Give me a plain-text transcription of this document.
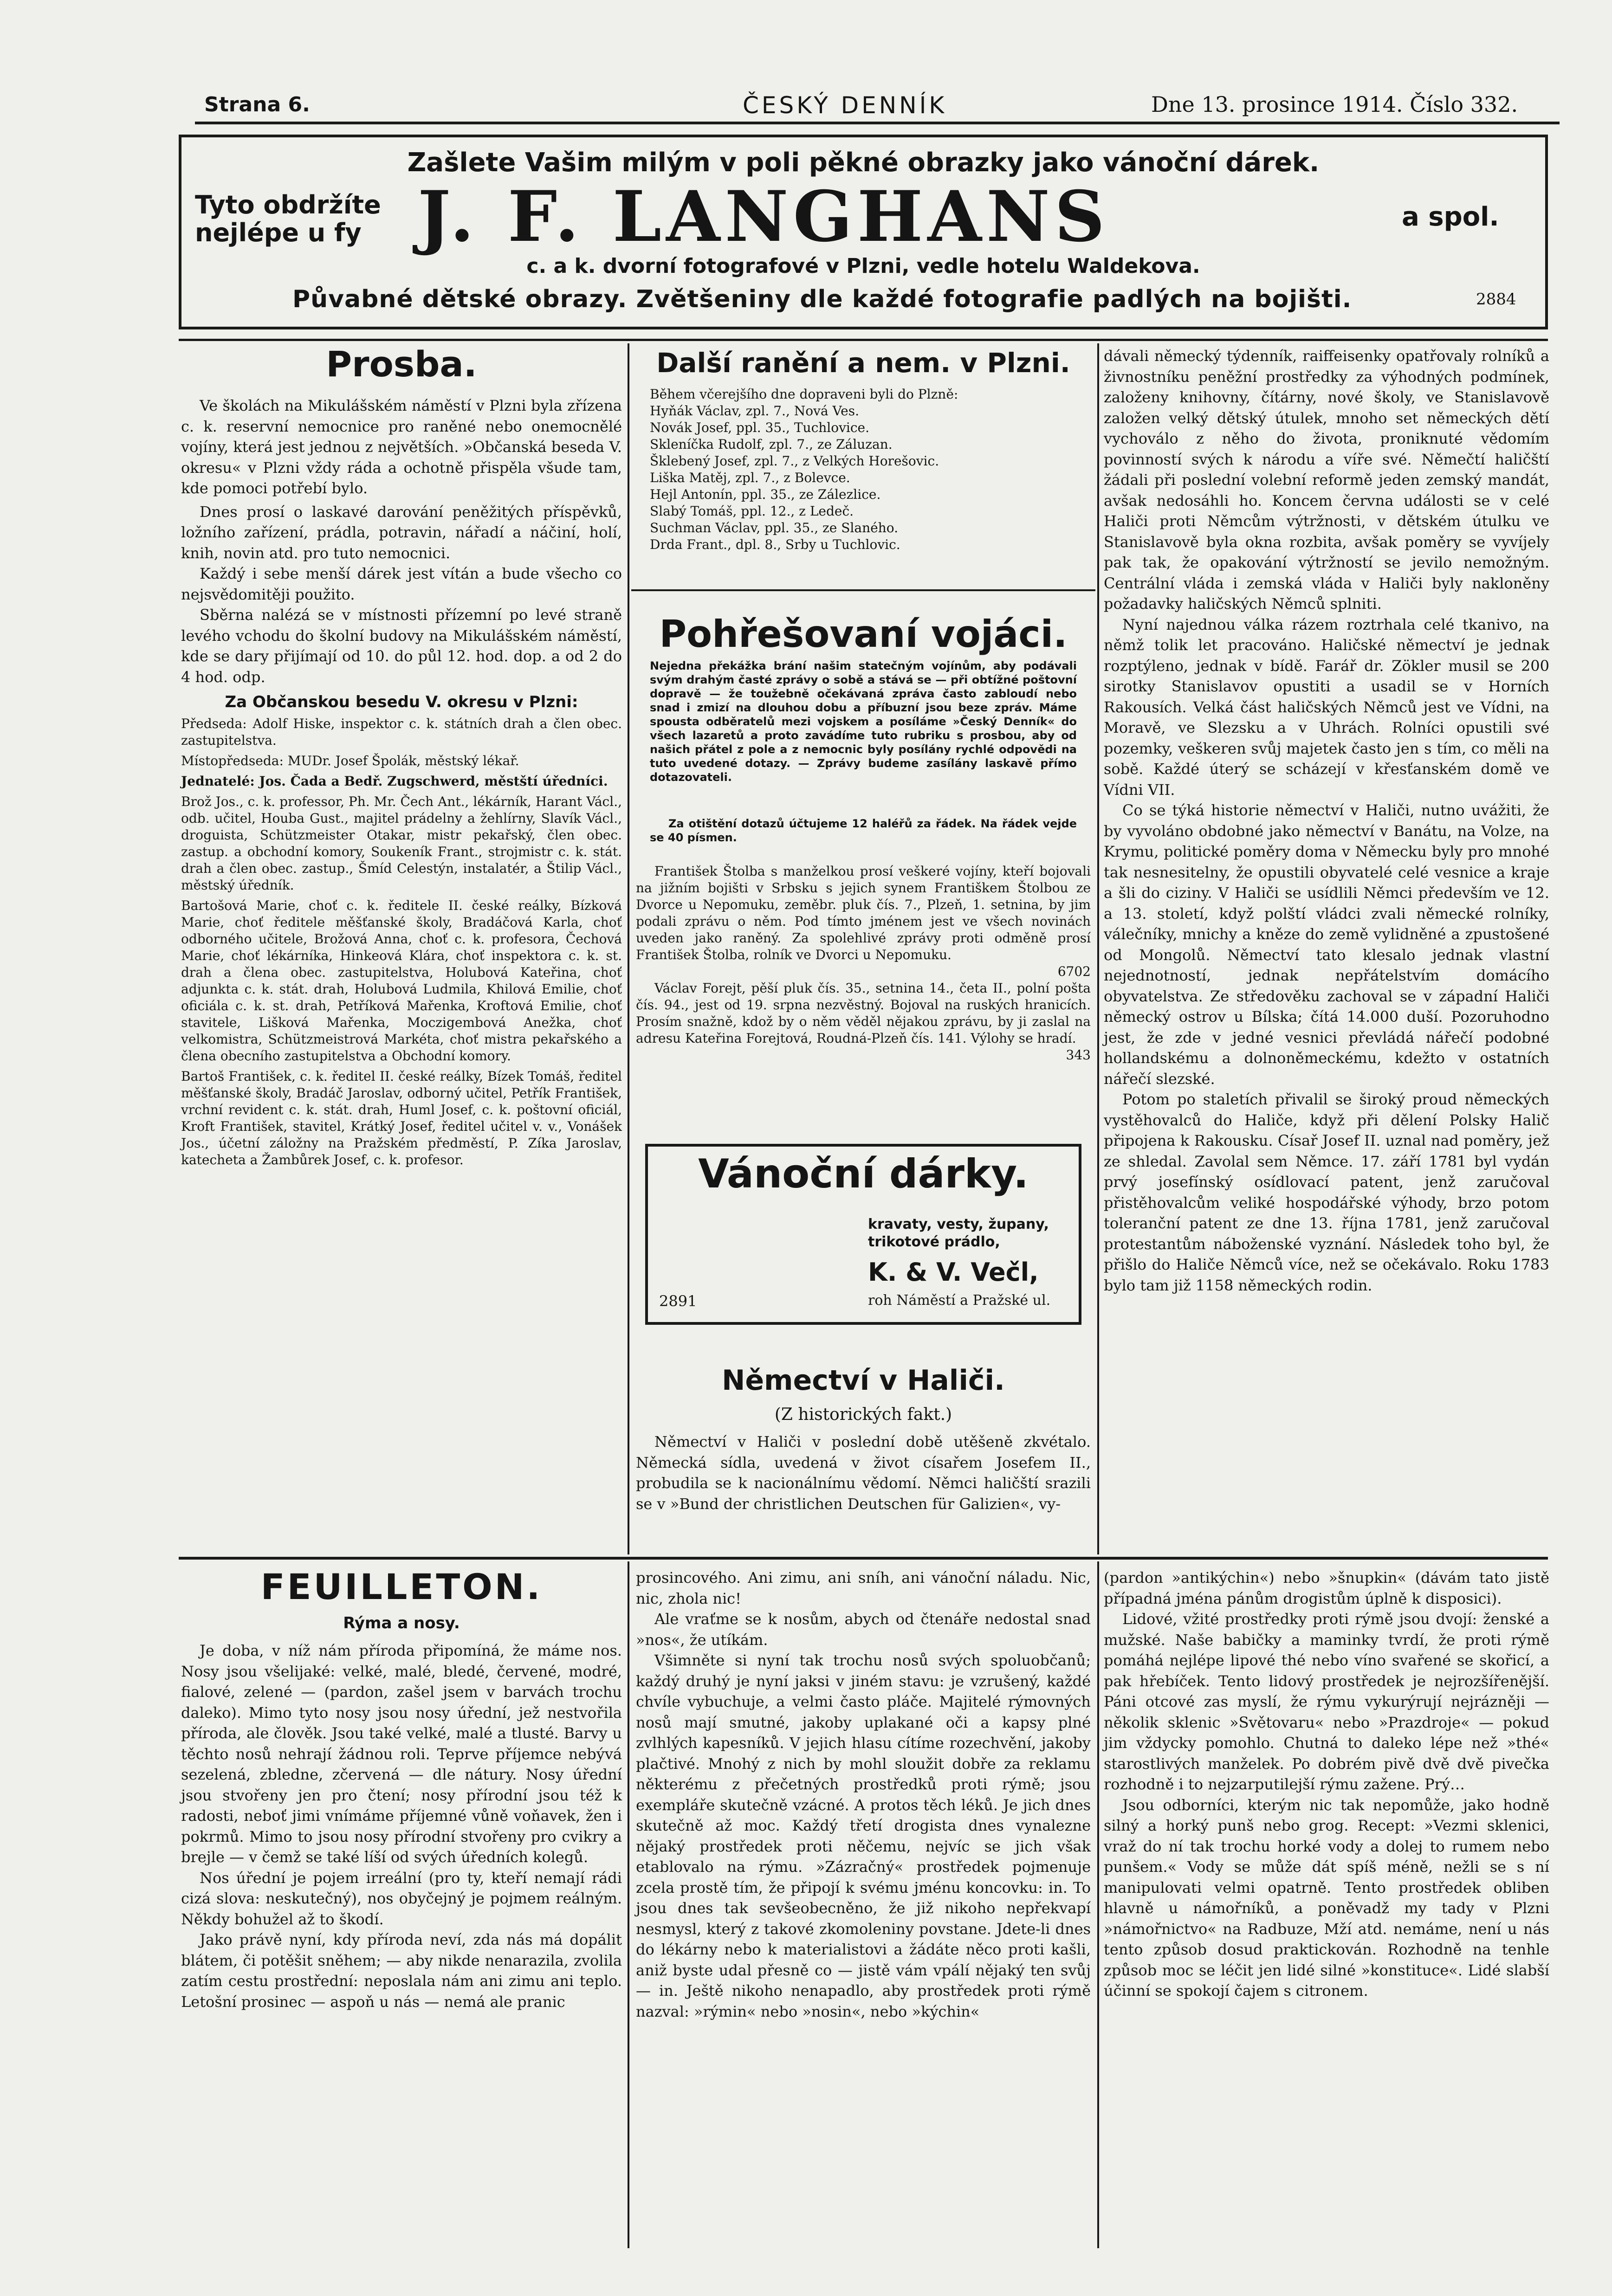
Strana 6.	ČESKÝ DENNÍK	Dne 13. prosince 1914. Číslo 332.
Zašlete Vašim milým v poli pěkné obrazky jako vánoční dárek.
Tyto obdržíte
nejlépe u fy J. F. LANGHANS	a spol.
c. a k. dvorní fotografové v Plzni, vedle hotelu Waldekova.
Půvabné dětské obrazy. Zvětšeniny dle každé fotografie padlých na bojišti.	2884
Prosba.

Ve školách na Mikulášském náměstí v Plzni byla zřízena c. k. reservní nemocnice pro raněné nebo onemocnělé vojíny, která jest jednou z největších. »Občanská beseda V. okresu« v Plzni vždy ráda a ochotně přispěla všude tam, kde pomoci potřebí bylo.

Dnes prosí o laskavé darování peněžitých příspěvků, ložního zařízení, prádla, potravin, nářadí a náčiní, holí, knih, novin atd. pro tuto nemocnici.

Každý i sebe menší dárek jest vítán a bude všecho co nejsvědomitěji použito.

Sběrna nalézá se v místnosti přízemní po levé straně levého vchodu do školní budovy na Mikulášském náměstí, kde se dary přijímají od 10. do půl 12. hod. dop. a od 2 do 4 hod. odp.

Za Občanskou besedu V. okresu v Plzni:
Předseda: Adolf Hiske, inspektor c. k. státních drah a člen obec. zastupitelstva.
Místopředseda: MUDr. Josef Špolák, městský lékař.
Jednatelé: Jos. Čada a Bedř. Zugschwerd, městští úředníci.
Brož Jos., c. k. professor, Ph. Mr. Čech Ant., lékárník, Harant Václ., odb. učitel, Houba Gust., majitel prádelny a žehlírny, Slavík Václ., droguista, Schützmeister Otakar, mistr pekařský, člen obec. zastup. a obchodní komory, Soukeník Frant., strojmistr c. k. stát. drah a člen obec. zastup., Šmíd Celestýn, instalatér, a Štilip Václ., městský úředník.
Bartošová Marie, choť c. k. ředitele II. české reálky, Bízková Marie, choť ředitele měšťanské školy, Bradáčová Karla, choť odborného učitele, Brožová Anna, choť c. k. profesora, Čechová Marie, choť lékárníka, Hinkeová Klára, choť inspektora c. k. st. drah a člena obec. zastupitelstva, Holubová Kateřina, choť adjunkta c. k. stát. drah, Holubová Ludmila, Khilová Emilie, choť oficiála c. k. st. drah, Petříková Mařenka, Kroftová Emilie, choť stavitele, Lišková Mařenka, Moczigembová Anežka, choť velkomistra, Schützmeistrová Markéta, choť mistra pekařského a člena obecního zastupitelstva a Obchodní komory.
Bartoš František, c. k. ředitel II. české reálky, Bízek Tomáš, ředitel měšťanské školy, Bradáč Jaroslav, odborný učitel, Petřík František, vrchní revident c. k. stát. drah, Huml Josef, c. k. poštovní oficiál, Kroft František, stavitel, Krátký Josef, ředitel učitel v. v., Vonášek Jos., účetní záložny na Pražském předměstí, P. Zíka Jaroslav, katecheta a Žambůrek Josef, c. k. profesor.
Další ranění a nem. v Plzni.
Během včerejšího dne dopraveni byli do Plzně:
Hyňák Václav, zpl. 7., Nová Ves.
Novák Josef, ppl. 35., Tuchlovice.
Skleníčka Rudolf, zpl. 7., ze Záluzan.
Šklebený Josef, zpl. 7., z Velkých Horešovic.
Liška Matěj, zpl. 7., z Bolevce.
Hejl Antonín, ppl. 35., ze Zálezlice.
Slabý Tomáš, ppl. 12., z Ledeč.
Suchman Václav, ppl. 35., ze Slaného.
Drda Frant., dpl. 8., Srby u Tuchlovic.
Pohřešovaní vojáci.
Nejedna překážka brání našim statečným vojínům, aby podávali svým drahým časté zprávy o sobě a stává se — při obtížné poštovní dopravě — že toužebně očekávaná zpráva často zabloudí nebo snad i zmizí na dlouhou dobu a příbuzní jsou beze zpráv. Máme spousta odběratelů mezi vojskem a posíláme »Český Denník« do všech lazaretů a proto zavádíme tuto rubriku s prosbou, aby od našich přátel z pole a z nemocnic byly posílány rychlé odpovědi na tuto uvedené dotazy. — Zprávy budeme zasílány laskavě přímo dotazovateli.
Za otištění dotazů účtujeme 12 haléřů za řádek. Na řádek vejde se 40 písmen.

František Štolba s manželkou prosí veškeré vojíny, kteří bojovali na jižním bojišti v Srbsku s jejich synem Františkem Štolbou ze Dvorce u Nepomuku, zeměbr. pluk čís. 7., Plzeň, 1. setnina, by jim podali zprávu o něm. Pod tímto jménem jest ve všech novinách uveden jako raněný. Za spolehlivé zprávy proti odměně prosí František Štolba, rolník ve Dvorci u Nepomuku.

6702

Václav Forejt, pěší pluk čís. 35., setnina 14., četa II., polní pošta čís. 94., jest od 19. srpna nezvěstný. Bojoval na ruských hranicích. Prosím snažně, kdož by o něm věděl nějakou zprávu, by ji zaslal na adresu Kateřina Forejtová, Roudná-Plzeň čís. 141. Výlohy se hradí.

343
Vánoční dárky.
kravaty, vesty, župany, trikotové prádlo,
K. & V. Večl,
2891	roh Náměstí a Pražské ul.
Němectví v Haliči.
(Z historických fakt.)
Němectví v Haliči v poslední době utěšeně zkvétalo. Německá sídla, uvedená v život císařem Josefem II., probudila se k nacionálnímu vědomí. Němci haličští srazili se v »Bund der christlichen Deutschen für Galizien«, vy-

dávali německý týdenník, raiffeisenky opatřovaly rolníků a živnostníku peněžní prostředky za výhodných podmínek, založeny knihovny, čítárny, nové školy, ve Stanislavově založen velký dětský útulek, mnoho set německých dětí vychoválo z něho do života, proniknuté vědomím povinností svých k národu a víře své. Němečtí haličští žádali při poslední volební reformě jeden zemský mandát, avšak nedosáhli ho. Koncem června události se v celé Haliči proti Němcům výtržnosti, v dětském útulku ve Stanislavově byla okna rozbita, avšak poměry se vyvíjely pak tak, že opakování výtržností se jevilo nemožným. Centrální vláda i zemská vláda v Haliči byly nakloněny požadavky haličských Němců splniti.

Nyní najednou válka rázem roztrhala celé tkanivo, na němž tolik let pracováno. Haličské němectví je jednak rozptýleno, jednak v bídě. Farář dr. Zökler musil se 200 sirotky Stanislavov opustiti a usadil se v Horních Rakousích. Velká část haličských Němců jest ve Vídni, na Moravě, ve Slezsku a v Uhrách. Rolníci opustili své pozemky, veškeren svůj majetek často jen s tím, co měli na sobě. Každé úterý se scházejí v křesťanském domě ve Vídni VII.

Co se týká historie němectví v Haliči, nutno uvážiti, že by vyvoláno obdobné jako němectví v Banátu, na Volze, na Krymu, politické poměry doma v Německu byly pro mnohé tak nesnesitelny, že opustili obyvatelé celé vesnice a kraje a šli do ciziny. V Haliči se usídlili Němci především ve 12. a 13. století, když polští vládci zvali německé rolníky, válečníky, mnichy a kněze do země vylidněné a zpustošené od Mongolů. Němectví tato klesalo jednak vlastní nejednotností, jednak nepřátelstvím domácího obyvatelstva. Ze středověku zachoval se v západní Haliči německý ostrov u Bílska; čítá 14.000 duší. Pozoruhodno jest, že zde v jedné vesnici převládá nářečí podobné hollandskému a dolnoněmeckému, kdežto v ostatních nářečí slezské.

Potom po staletích přivalil se široký proud německých vystěhovalců do Haliče, když při dělení Polsky Halič připojena k Rakousku. Císař Josef II. uznal nad poměry, jež ze shledal. Zavolal sem Němce. 17. září 1781 byl vydán prvý josefínský osídlovací patent, jenž zaručoval přistěhovalcům veliké hospodářské výhody, brzo potom toleranční patent ze dne 13. října 1781, jenž zaručoval protestantům náboženské vyznání. Následek toho byl, že přišlo do Haliče Němců více, než se očekávalo. Roku 1783 bylo tam již 1158 německých rodin.

FEUILLETON.
Rýma a nosy.

Je doba, v níž nám příroda připomíná, že máme nos. Nosy jsou všelijaké: velké, malé, bledé, červené, modré, fialové, zelené — (pardon, zašel jsem v barvách trochu daleko). Mimo tyto nosy jsou nosy úřední, jež nestvořila příroda, ale člověk. Jsou také velké, malé a tlusté. Barvy u těchto nosů nehrají žádnou roli. Teprve příjemce nebývá sezelená, zbledne, zčervená — dle nátury. Nosy úřední jsou stvořeny jen pro čtení; nosy přírodní jsou též k radosti, neboť jimi vnímáme příjemné vůně voňavek, žen i pokrmů. Mimo to jsou nosy přírodní stvořeny pro cvikry a brejle — v čemž se také líší od svých úředních kolegů.

Nos úřední je pojem irreální (pro ty, kteří nemají rádi cizá slova: neskutečný), nos obyčejný je pojmem reálným. Někdy bohužel až to škodí.

Jako právě nyní, kdy příroda neví, zda nás má dopálit blátem, či potěšit sněhem; — aby nikde nenarazila, zvolila zatím cestu prostřední: neposlala nám ani zimu ani teplo. Letošní prosinec — aspoň u nás — nemá ale pranic

prosincového. Ani zimu, ani sníh, ani vánoční náladu. Nic, nic, zhola nic!

Ale vraťme se k nosům, abych od čtenáře nedostal snad »nos«, že utíkám.

Všimněte si nyní tak trochu nosů svých spoluobčanů; každý druhý je nyní jaksi v jiném stavu: je vzrušený, každé chvíle vybuchuje, a velmi často pláče. Majitelé rýmovných nosů mají smutné, jakoby uplakané oči a kapsy plné zvlhlých kapesníků. V jejich hlasu cítíme rozechvění, jakoby plačtivé. Mnohý z nich by mohl sloužit dobře za reklamu některému z přečetných prostředků proti rýmě; jsou exempláře skutečně vzácné. A protos těch léků. Je jich dnes skutečně až moc. Každý třetí drogista dnes vynalezne nějaký prostředek proti něčemu, nejvíc se jich však etablovalo na rýmu. »Zázračný« prostředek pojmenuje zcela prostě tím, že připojí k svému jménu koncovku: in. To jsou dnes tak sevšeobecněno, že již nikoho nepřekvapí nesmysl, který z takové zkomoleniny povstane. Jdete-li dnes do lékárny nebo k materialistovi a žádáte něco proti kašli, aniž byste udal přesně co — jistě vám vpálí nějaký ten svůj — in. Ještě nikoho nenapadlo, aby prostředek proti rýmě nazval: »rýmin« nebo »nosin«, nebo »kýchin«

(pardon »antikýchin«) nebo »šnupkin« (dávám tato jistě případná jména pánům drogistům úplně k disposici).

Lidové, vžité prostředky proti rýmě jsou dvojí: ženské a mužské. Naše babičky a maminky tvrdí, že proti rýmě pomáhá nejlépe lipové thé nebo víno svařené se skořicí, a pak hřebíček. Tento lidový prostředek je nejrozšířenější. Páni otcové zas myslí, že rýmu vykurýrují nejrázněji — několik sklenic »Světovaru« nebo »Prazdroje« — pokud jim vždycky pomohlo. Chutná to daleko lépe než »thé« starostlivých manželek. Po dobrém pivě dvě dvě pivečka rozhodně i to nejzarputilejší rýmu zažene. Prý…

Jsou odborníci, kterým nic tak nepomůže, jako hodně silný a horký punš nebo grog. Recept: »Vezmi sklenici, vraž do ní tak trochu horké vody a dolej to rumem nebo punšem.« Vody se může dát spíš méně, nežli se s ní manipulovati velmi opatrně. Tento prostředek obliben hlavně u námořníků, a poněvadž my tady v Plzni »námořnictvo« na Radbuze, Mží atd. nemáme, není u nás tento způsob dosud praktickován. Rozhodně na tenhle způsob moc se léčit jen lidé silné »konstituce«. Lidé slabší účinní se spokojí čajem s citronem.
